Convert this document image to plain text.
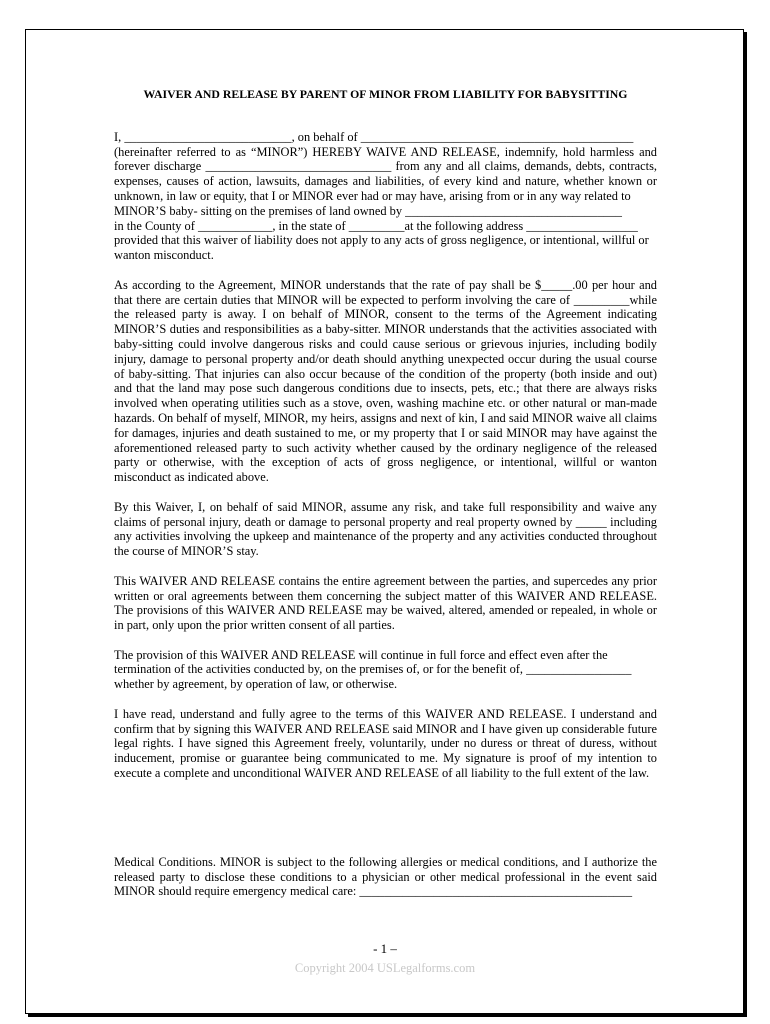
WAIVER AND RELEASE BY PARENT OF MINOR FROM LIABILITY FOR BABYSITTING

I, ___________________________, on behalf of ____________________________________________

(hereinafter referred to as “MINOR”) HEREBY WAIVE AND RELEASE, indemnify, hold harmless and forever discharge ______________________________ from any and all claims, demands, debts, contracts, expenses, causes of action, lawsuits, damages and liabilities, of every kind and nature, whether known or unknown, in law or equity, that I or MINOR ever had or may have, arising from or in any way related to

MINOR’S baby- sitting on the premises of land owned by ___________________________________

in the County of ____________, in the state of _________at the following address __________________

provided that this waiver of liability does not apply to any acts of gross negligence, or intentional, willful or wanton misconduct.

As according to the Agreement, MINOR understands that the rate of pay shall be $_____.00 per hour and that there are certain duties that MINOR will be expected to perform involving the care of _________while the released party is away. I on behalf of MINOR, consent to the terms of the Agreement indicating MINOR’S duties and responsibilities as a baby-sitter. MINOR understands that the activities associated with baby-sitting could involve dangerous risks and could cause serious or grievous injuries, including bodily injury, damage to personal property and/or death should anything unexpected occur during the usual course of baby-sitting. That injuries can also occur because of the condition of the property (both inside and out) and that the land may pose such dangerous conditions due to insects, pets, etc.; that there are always risks involved when operating utilities such as a stove, oven, washing machine etc. or other natural or man-made hazards. On behalf of myself, MINOR, my heirs, assigns and next of kin, I and said MINOR waive all claims for damages, injuries and death sustained to me, or my property that I or said MINOR may have against the aforementioned released party to such activity whether caused by the ordinary negligence of the released party or otherwise, with the exception of acts of gross negligence, or intentional, willful or wanton misconduct as indicated above.

By this Waiver, I, on behalf of said MINOR, assume any risk, and take full responsibility and waive any claims of personal injury, death or damage to personal property and real property owned by _____ including any activities involving the upkeep and maintenance of the property and any activities conducted throughout the course of MINOR’S stay.

This WAIVER AND RELEASE contains the entire agreement between the parties, and supercedes any prior written or oral agreements between them concerning the subject matter of this WAIVER AND RELEASE. The provisions of this WAIVER AND RELEASE may be waived, altered, amended or repealed, in whole or in part, only upon the prior written consent of all parties.

The provision of this WAIVER AND RELEASE will continue in full force and effect even after the

termination of the activities conducted by, on the premises of, or for the benefit of, _________________

whether by agreement, by operation of law, or otherwise.

I have read, understand and fully agree to the terms of this WAIVER AND RELEASE. I understand and confirm that by signing this WAIVER AND RELEASE said MINOR and I have given up considerable future legal rights. I have signed this Agreement freely, voluntarily, under no duress or threat of duress, without inducement, promise or guarantee being communicated to me. My signature is proof of my intention to execute a complete and unconditional WAIVER AND RELEASE of all liability to the full extent of the law.

Medical Conditions. MINOR is subject to the following allergies or medical conditions, and I authorize the released party to disclose these conditions to a physician or other medical professional in the event said MINOR should require emergency medical care: ____________________________________________

- 1 –
Copyright 2004 USLegalforms.com
